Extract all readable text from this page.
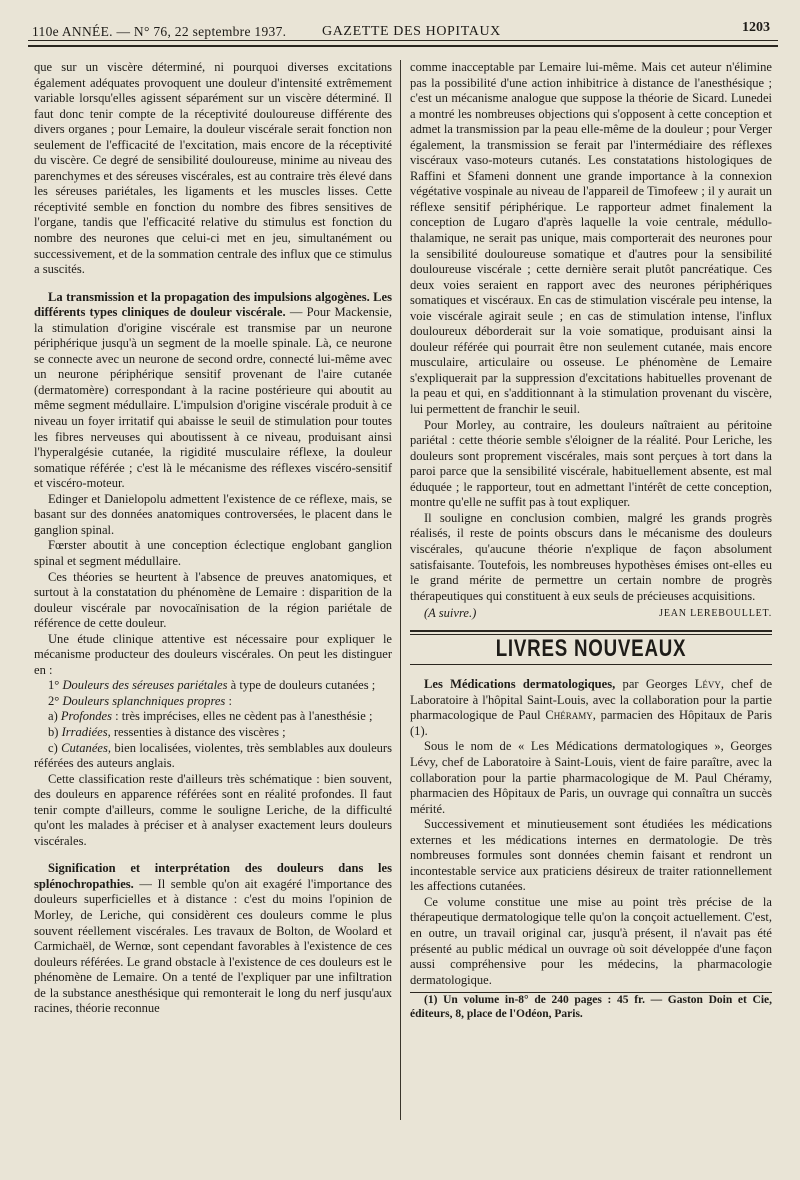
110e ANNÉE. — N° 76, 22 septembre 1937.	GAZETTE DES HOPITAUX	1203

que sur un viscère déterminé, ni pourquoi diverses excitations également adéquates provoquent une douleur d'intensité extrêmement variable lorsqu'elles agissent séparément sur un viscère déterminé. Il faut donc tenir compte de la réceptivité douloureuse différente des divers organes ; pour Lemaire, la douleur viscérale serait fonction non seulement de l'efficacité de l'excitation, mais encore de la réceptivité du viscère. Ce degré de sensibilité douloureuse, minime au niveau des parenchymes et des séreuses viscérales, est au contraire très élevé dans les séreuses pariétales, les ligaments et les muscles lisses. Cette réceptivité semble en fonction du nombre des fibres sensitives de l'organe, tandis que l'efficacité relative du stimulus est fonction du nombre des neurones que celui-ci met en jeu, simultanément ou successivement, et de la sommation centrale des influx que ce stimulus a suscités.

La transmission et la propagation des impulsions algogènes. Les différents types cliniques de douleur viscérale. — Pour Mackensie, la stimulation d'origine viscérale est transmise par un neurone périphérique jusqu'à un segment de la moelle spinale. Là, ce neurone se connecte avec un neurone de second ordre, connecté lui-même avec un neurone périphérique sensitif provenant de l'aire cutanée (dermatomère) correspondant à la racine postérieure qui aboutit au même segment médullaire. L'impulsion d'origine viscérale produit à ce niveau un foyer irritatif qui abaisse le seuil de stimulation pour toutes les fibres nerveuses qui aboutissent à ce niveau, produisant ainsi l'hyperalgésie cutanée, la rigidité musculaire réflexe, la douleur somatique référée ; c'est là le mécanisme des réflexes viscéro-sensitif et viscéro-moteur.

Edinger et Danielopolu admettent l'existence de ce réflexe, mais, se basant sur des données anatomiques controversées, le placent dans le ganglion spinal.

Fœrster aboutit à une conception éclectique englobant ganglion spinal et segment médullaire.

Ces théories se heurtent à l'absence de preuves anatomiques, et surtout à la constatation du phénomène de Lemaire : disparition de la douleur viscérale par novocaïnisation de la région pariétale de référence de cette douleur.

Une étude clinique attentive est nécessaire pour expliquer le mécanisme producteur des douleurs viscérales. On peut les distinguer en :

1° Douleurs des séreuses pariétales à type de douleurs cutanées ;

2° Douleurs splanchniques propres :

a) Profondes : très imprécises, elles ne cèdent pas à l'anesthésie ;

b) Irradiées, ressenties à distance des viscères ;

c) Cutanées, bien localisées, violentes, très semblables aux douleurs référées des auteurs anglais.

Cette classification reste d'ailleurs très schématique : bien souvent, des douleurs en apparence référées sont en réalité profondes. Il faut tenir compte d'ailleurs, comme le souligne Leriche, de la difficulté qu'ont les malades à préciser et à analyser exactement leurs douleurs viscérales.

Signification et interprétation des douleurs dans les splénochropathies. — Il semble qu'on ait exagéré l'importance des douleurs superficielles et à distance : c'est du moins l'opinion de Morley, de Leriche, qui considèrent ces douleurs comme le plus souvent réellement viscérales. Les travaux de Bolton, de Woolard et Carmichaël, de Wernœ, sont cependant favorables à l'existence de ces douleurs référées. Le grand obstacle à l'existence de ces douleurs est le phénomène de Lemaire. On a tenté de l'expliquer par une infiltration de la substance anesthésique qui remonterait le long du nerf jusqu'aux racines, théorie reconnue

comme inacceptable par Lemaire lui-même. Mais cet auteur n'élimine pas la possibilité d'une action inhibitrice à distance de l'anesthésique ; c'est un mécanisme analogue que suppose la théorie de Sicard. Lunedei a montré les nombreuses objections qui s'opposent à cette conception et admet la transmission par la peau elle-même de la douleur ; pour Verger également, la transmission se ferait par l'intermédiaire des réflexes viscéraux vaso-moteurs cutanés. Les constatations histologiques de Raffini et Sfameni donnent une grande importance à la connexion végétative vospinale au niveau de l'appareil de Timofeew ; il y aurait un réflexe sensitif périphérique. Le rapporteur admet finalement la conception de Lugaro d'après laquelle la voie centrale, médullo-thalamique, ne serait pas unique, mais comporterait des neurones pour la sensibilité douloureuse somatique et d'autres pour la sensibilité douloureuse viscérale ; cette dernière serait plutôt pancréatique. Ces deux voies seraient en rapport avec des neurones périphériques somatiques et viscéraux. En cas de stimulation viscérale peu intense, la voie viscérale agirait seule ; en cas de stimulation intense, l'influx douloureux déborderait sur la voie somatique, produisant ainsi la douleur référée qui pourrait être non seulement cutanée, mais encore musculaire, articulaire ou osseuse. Le phénomène de Lemaire s'expliquerait par la suppression d'excitations habituelles provenant de la peau et qui, en s'additionnant à la stimulation provenant du viscère, lui permettent de franchir le seuil.

Pour Morley, au contraire, les douleurs naîtraient au péritoine pariétal : cette théorie semble s'éloigner de la réalité. Pour Leriche, les douleurs sont proprement viscérales, mais sont perçues à tort dans la paroi parce que la sensibilité viscérale, habituellement absente, est mal éduquée ; le rapporteur, tout en admettant l'intérêt de cette conception, montre qu'elle ne suffit pas à tout expliquer.

Il souligne en conclusion combien, malgré les grands progrès réalisés, il reste de points obscurs dans le mécanisme des douleurs viscérales, qu'aucune théorie n'explique de façon absolument satisfaisante. Toutefois, les nombreuses hypothèses émises ont-elles eu le grand mérite de permettre un certain nombre de progrès thérapeutiques qui constituent à eux seuls de précieuses acquisitions.

(A suivre.)	JEAN LEREBOULLET.
LIVRES NOUVEAUX

Les Médications dermatologiques, par Georges Lévy, chef de Laboratoire à l'hôpital Saint-Louis, avec la collaboration pour la partie pharmacologique de Paul Chéramy, parmacien des Hôpitaux de Paris (1).

Sous le nom de « Les Médications dermatologiques », Georges Lévy, chef de Laboratoire à Saint-Louis, vient de faire paraître, avec la collaboration pour la partie pharmacologique de M. Paul Chéramy, pharmacien des Hôpitaux de Paris, un ouvrage qui connaîtra un succès mérité.

Successivement et minutieusement sont étudiées les médications externes et les médications internes en dermatologie. De très nombreuses formules sont données chemin faisant et rendront un incontestable service aux praticiens désireux de traiter rationnellement les affections cutanées.

Ce volume constitue une mise au point très précise de la thérapeutique dermatologique telle qu'on la conçoit actuellement. C'est, en outre, un travail original car, jusqu'à présent, il n'avait pas été présenté au public médical un ouvrage où soit développée d'une façon aussi compréhensive pour les médecins, la pharmacologie dermatologique.

(1) Un volume in-8° de 240 pages : 45 fr. — Gaston Doin et Cie, éditeurs, 8, place de l'Odéon, Paris.
